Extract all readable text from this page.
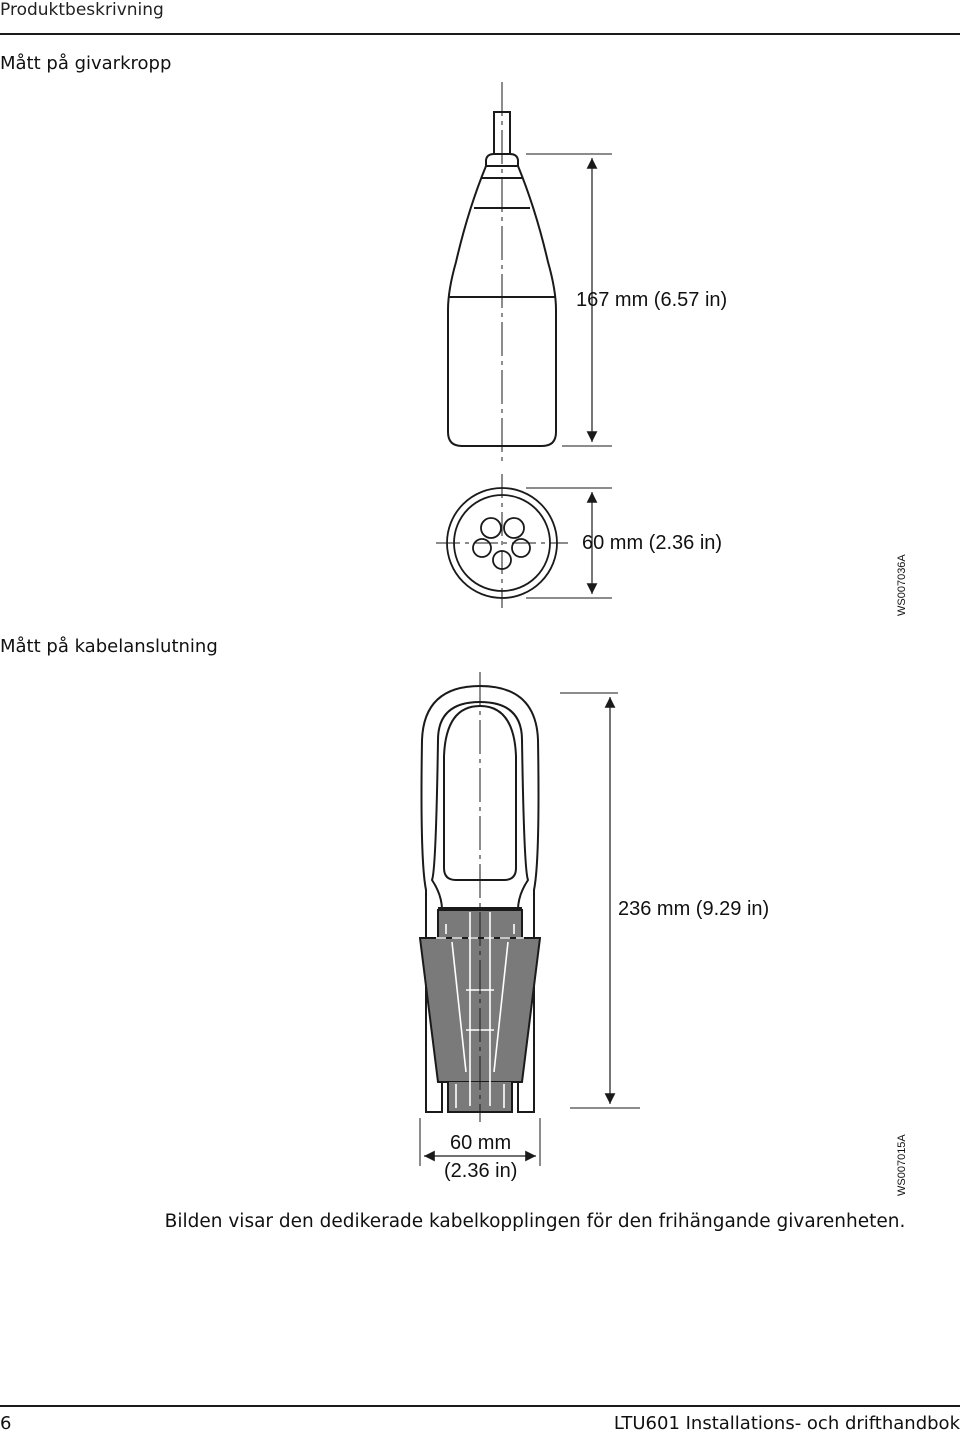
Produktbeskrivning
Mått på givarkropp
Mått på kabelanslutning
167 mm (6.57 in)
60 mm (2.36 in)
WS007036A
236 mm (9.29 in)
60 mm
(2.36 in)	WS007015A
Bilden visar den dedikerade kabelkopplingen för den frihängande givarenheten.
6	LTU601 Installations- och drifthandbok
